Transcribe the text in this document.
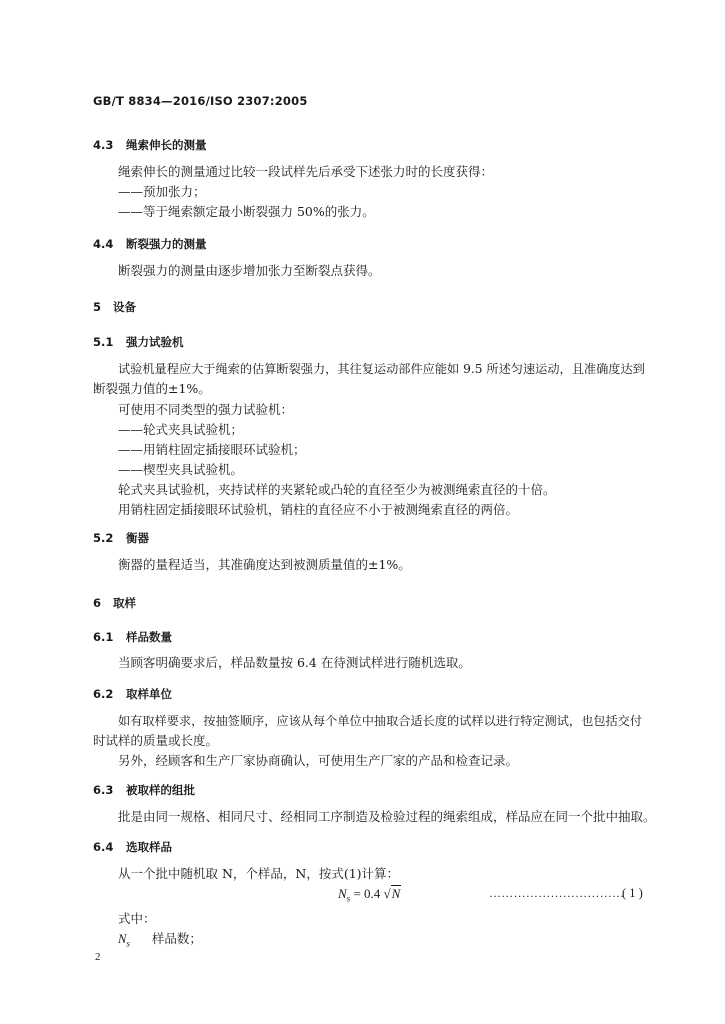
GB/T 8834—2016/ISO 2307:2005
4.3 绳索伸长的测量
绳索伸长的测量通过比较一段试样先后承受下述张力时的长度获得：
——预加张力；
——等于绳索额定最小断裂强力 50%的张力。
4.4 断裂强力的测量
断裂强力的测量由逐步增加张力至断裂点获得。
5 设备
5.1 强力试验机
试验机量程应大于绳索的估算断裂强力，其往复运动部件应能如 9.5 所述匀速运动，且准确度达到
断裂强力值的±1%。
可使用不同类型的强力试验机：
——轮式夹具试验机；
——用销柱固定插接眼环试验机；
——楔型夹具试验机。
轮式夹具试验机，夹持试样的夹紧轮或凸轮的直径至少为被测绳索直径的十倍。
用销柱固定插接眼环试验机，销柱的直径应不小于被测绳索直径的两倍。
5.2 衡器
衡器的量程适当，其准确度达到被测质量值的±1%。
6 取样
6.1 样品数量
当顾客明确要求后，样品数量按 6.4 在待测试样进行随机选取。
6.2 取样单位
如有取样要求，按抽签顺序，应该从每个单位中抽取合适长度的试样以进行特定测试，也包括交付
时试样的质量或长度。
另外，经顾客和生产厂家协商确认，可使用生产厂家的产品和检查记录。
6.3 被取样的组批
批是由同一规格、相同尺寸、经相同工序制造及检验过程的绳索组成，样品应在同一个批中抽取。
6.4 选取样品
从一个批中随机取 N，个样品，N，按式(1)计算：
$N_s = 0.4$ √N	……………………………
( 1 )
式中：
$N_s$ 样品数；
2
